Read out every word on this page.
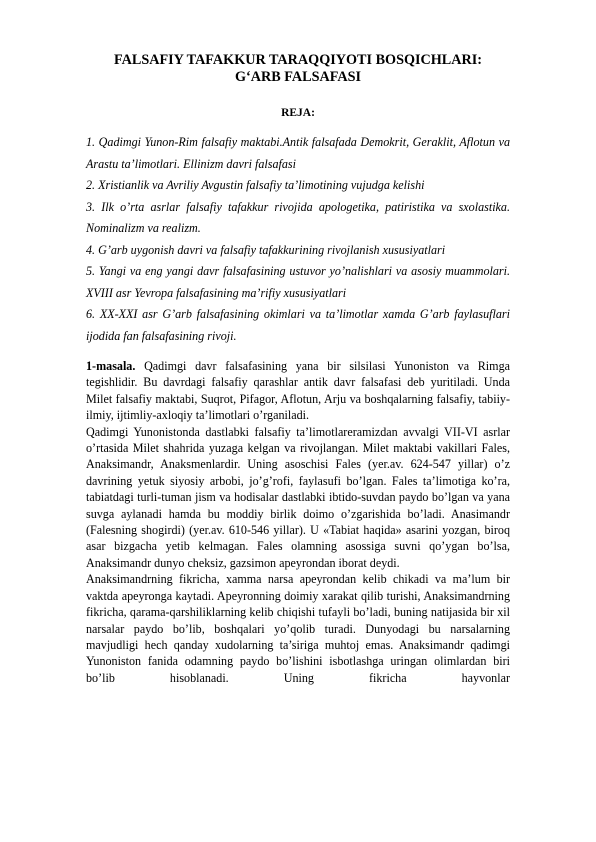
FALSAFIY TAFAKKUR TARAQQIYOTI BOSQICHLARI:
G‘ARB FALSAFASI
REJA:
1. Qadimgi Yunon-Rim falsafiy maktabi.Antik falsafada Demokrit, Geraklit, Aflotun va Arastu ta’limotlari. Ellinizm davri falsafasi
2. Xristianlik va Avriliy Avgustin falsafiy ta’limotining vujudga kelishi
3. Ilk o’rta asrlar falsafiy tafakkur rivojida apologetika, patiristika va sxolastika. Nominalizm va realizm.
4. G’arb uygonish davri va falsafiy tafakkurining rivojlanish xususiyatlari
5. Yangi va eng yangi davr falsafasining ustuvor yo’nalishlari va asosiy muammolari. XVIII asr Yevropa falsafasining ma’rifiy xususiyatlari
6. XX-XXI asr G’arb falsafasining okimlari va ta’limotlar xamda G’arb faylasuflari ijodida fan falsafasining rivoji.

1-masala. Qadimgi davr falsafasining yana bir silsilasi Yunoniston va Rimga tegishlidir. Bu davrdagi falsafiy qarashlar antik davr falsafasi deb yuritiladi. Unda Milet falsafiy maktabi, Suqrot, Pifagor, Aflotun, Arju va boshqalarning falsafiy, tabiiy-ilmiy, ijtimliy-axloqiy ta’limotlari o’rganiladi.

Qadimgi Yunonistonda dastlabki falsafiy ta’limotlareramizdan avvalgi VII-VI asrlar o’rtasida Milet shahrida yuzaga kelgan va rivojlangan. Milet maktabi vakillari Fales, Anaksimandr, Anaksmenlardir. Uning asoschisi Fales (yer.av. 624-547 yillar) o’z davrining yetuk siyosiy arbobi, jo’g’rofi, faylasufi bo’lgan. Fales ta’limotiga ko’ra, tabiatdagi turli-tuman jism va hodisalar dastlabki ibtido-suvdan paydo bo’lgan va yana suvga aylanadi hamda bu moddiy birlik doimo o’zgarishida bo’ladi. Anasimandr (Falesning shogirdi) (yer.av. 610-546 yillar). U «Tabiat haqida» asarini yozgan, biroq asar bizgacha yetib kelmagan. Fales olamning asossiga suvni qo’ygan bo’lsa, Anaksimandr dunyo cheksiz, gazsimon apeyrondan iborat deydi.

Anaksimandrning fikricha, xamma narsa apeyrondan kelib chikadi va ma’lum bir vaktda apeyronga kaytadi. Apeyronning doimiy xarakat qilib turishi, Anaksimandrning fikricha, qarama-qarshiliklarning kelib chiqishi tufayli bo’ladi, buning natijasida bir xil narsalar paydo bo’lib, boshqalari yo’qolib turadi. Dunyodagi bu narsalarning mavjudligi hech qanday xudolarning ta’siriga muhtoj emas. Anaksimandr qadimgi Yunoniston fanida odamning paydo bo’lishini isbotlashga uringan olimlardan biri bo’lib hisoblanadi. Uning fikricha hayvonlar
